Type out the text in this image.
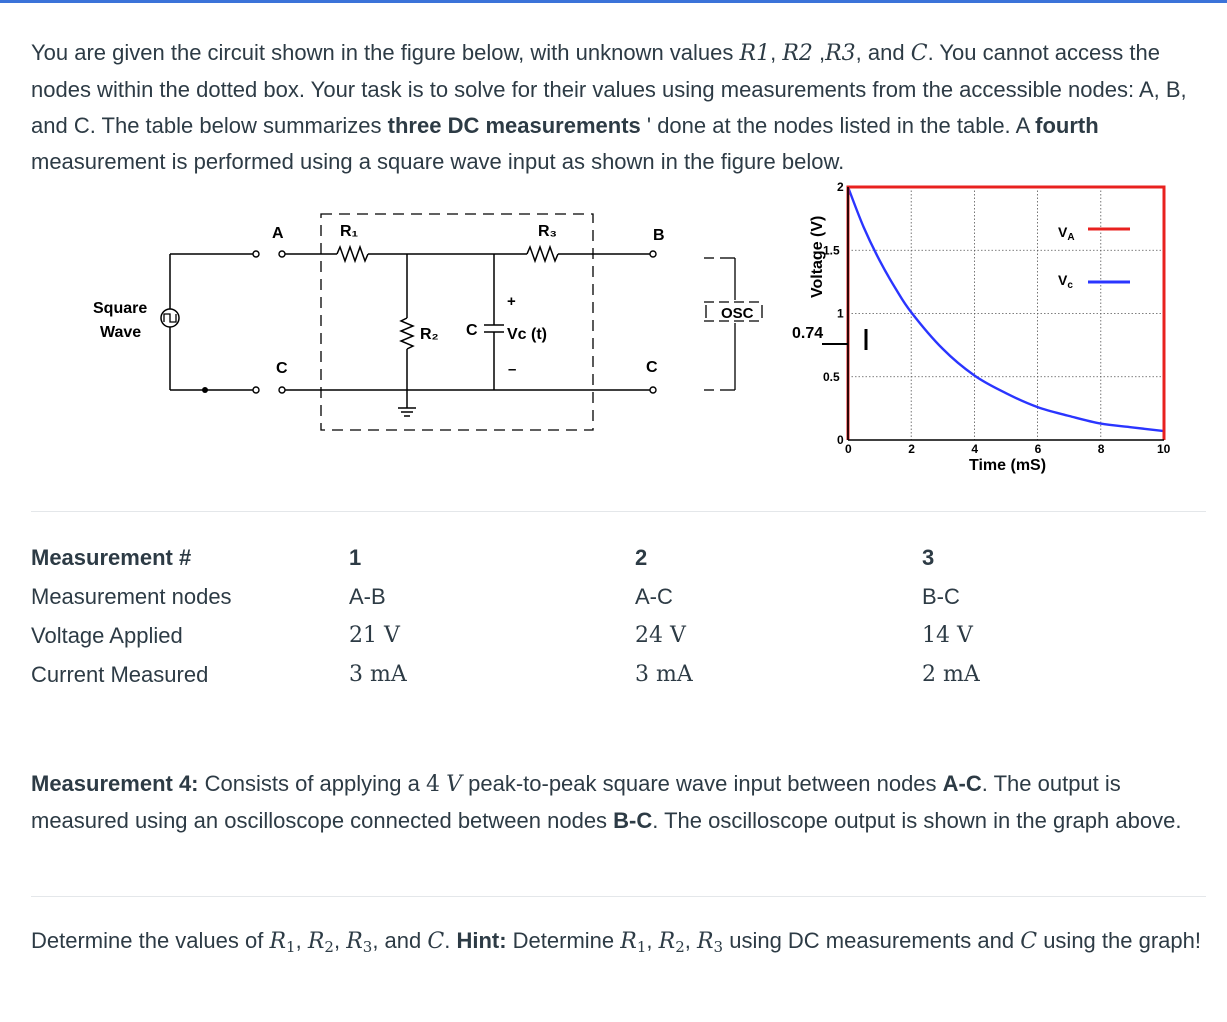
You are given the circuit shown in the figure below, with unknown values R1, R2 ,R3, and C. You cannot access the nodes within the dotted box. Your task is to solve for their values using measurements from the accessible nodes: A, B, and C. The table below summarizes three DC measurements ' done at the nodes listed in the table. A fourth measurement is performed using a square wave input as shown in the figure below.
Square
Wave
A
C
R₁	R₃
R₂ C Vc (t)
+
–
B
C
OSC
0	2	4	6	8	10
0
0.5
1
1.5
2
0.74
Voltage (V)
Time (mS)
$V_A$
$V_c$
Measurement #	1	2	3
Measurement nodes	A-B	A-C	B-C
Voltage Applied	21 V	24 V	14 V
Current Measured	3 mA	3 mA	2 mA
Measurement 4: Consists of applying a 4 V peak-to-peak square wave input between nodes A-C. The output is measured using an oscilloscope connected between nodes B-C. The oscilloscope output is shown in the graph above.
Determine the values of $R_1$, $R_2$, $R_3$, and C. Hint: Determine $R_1$, $R_2$, $R_3$ using DC measurements and C using the graph!
